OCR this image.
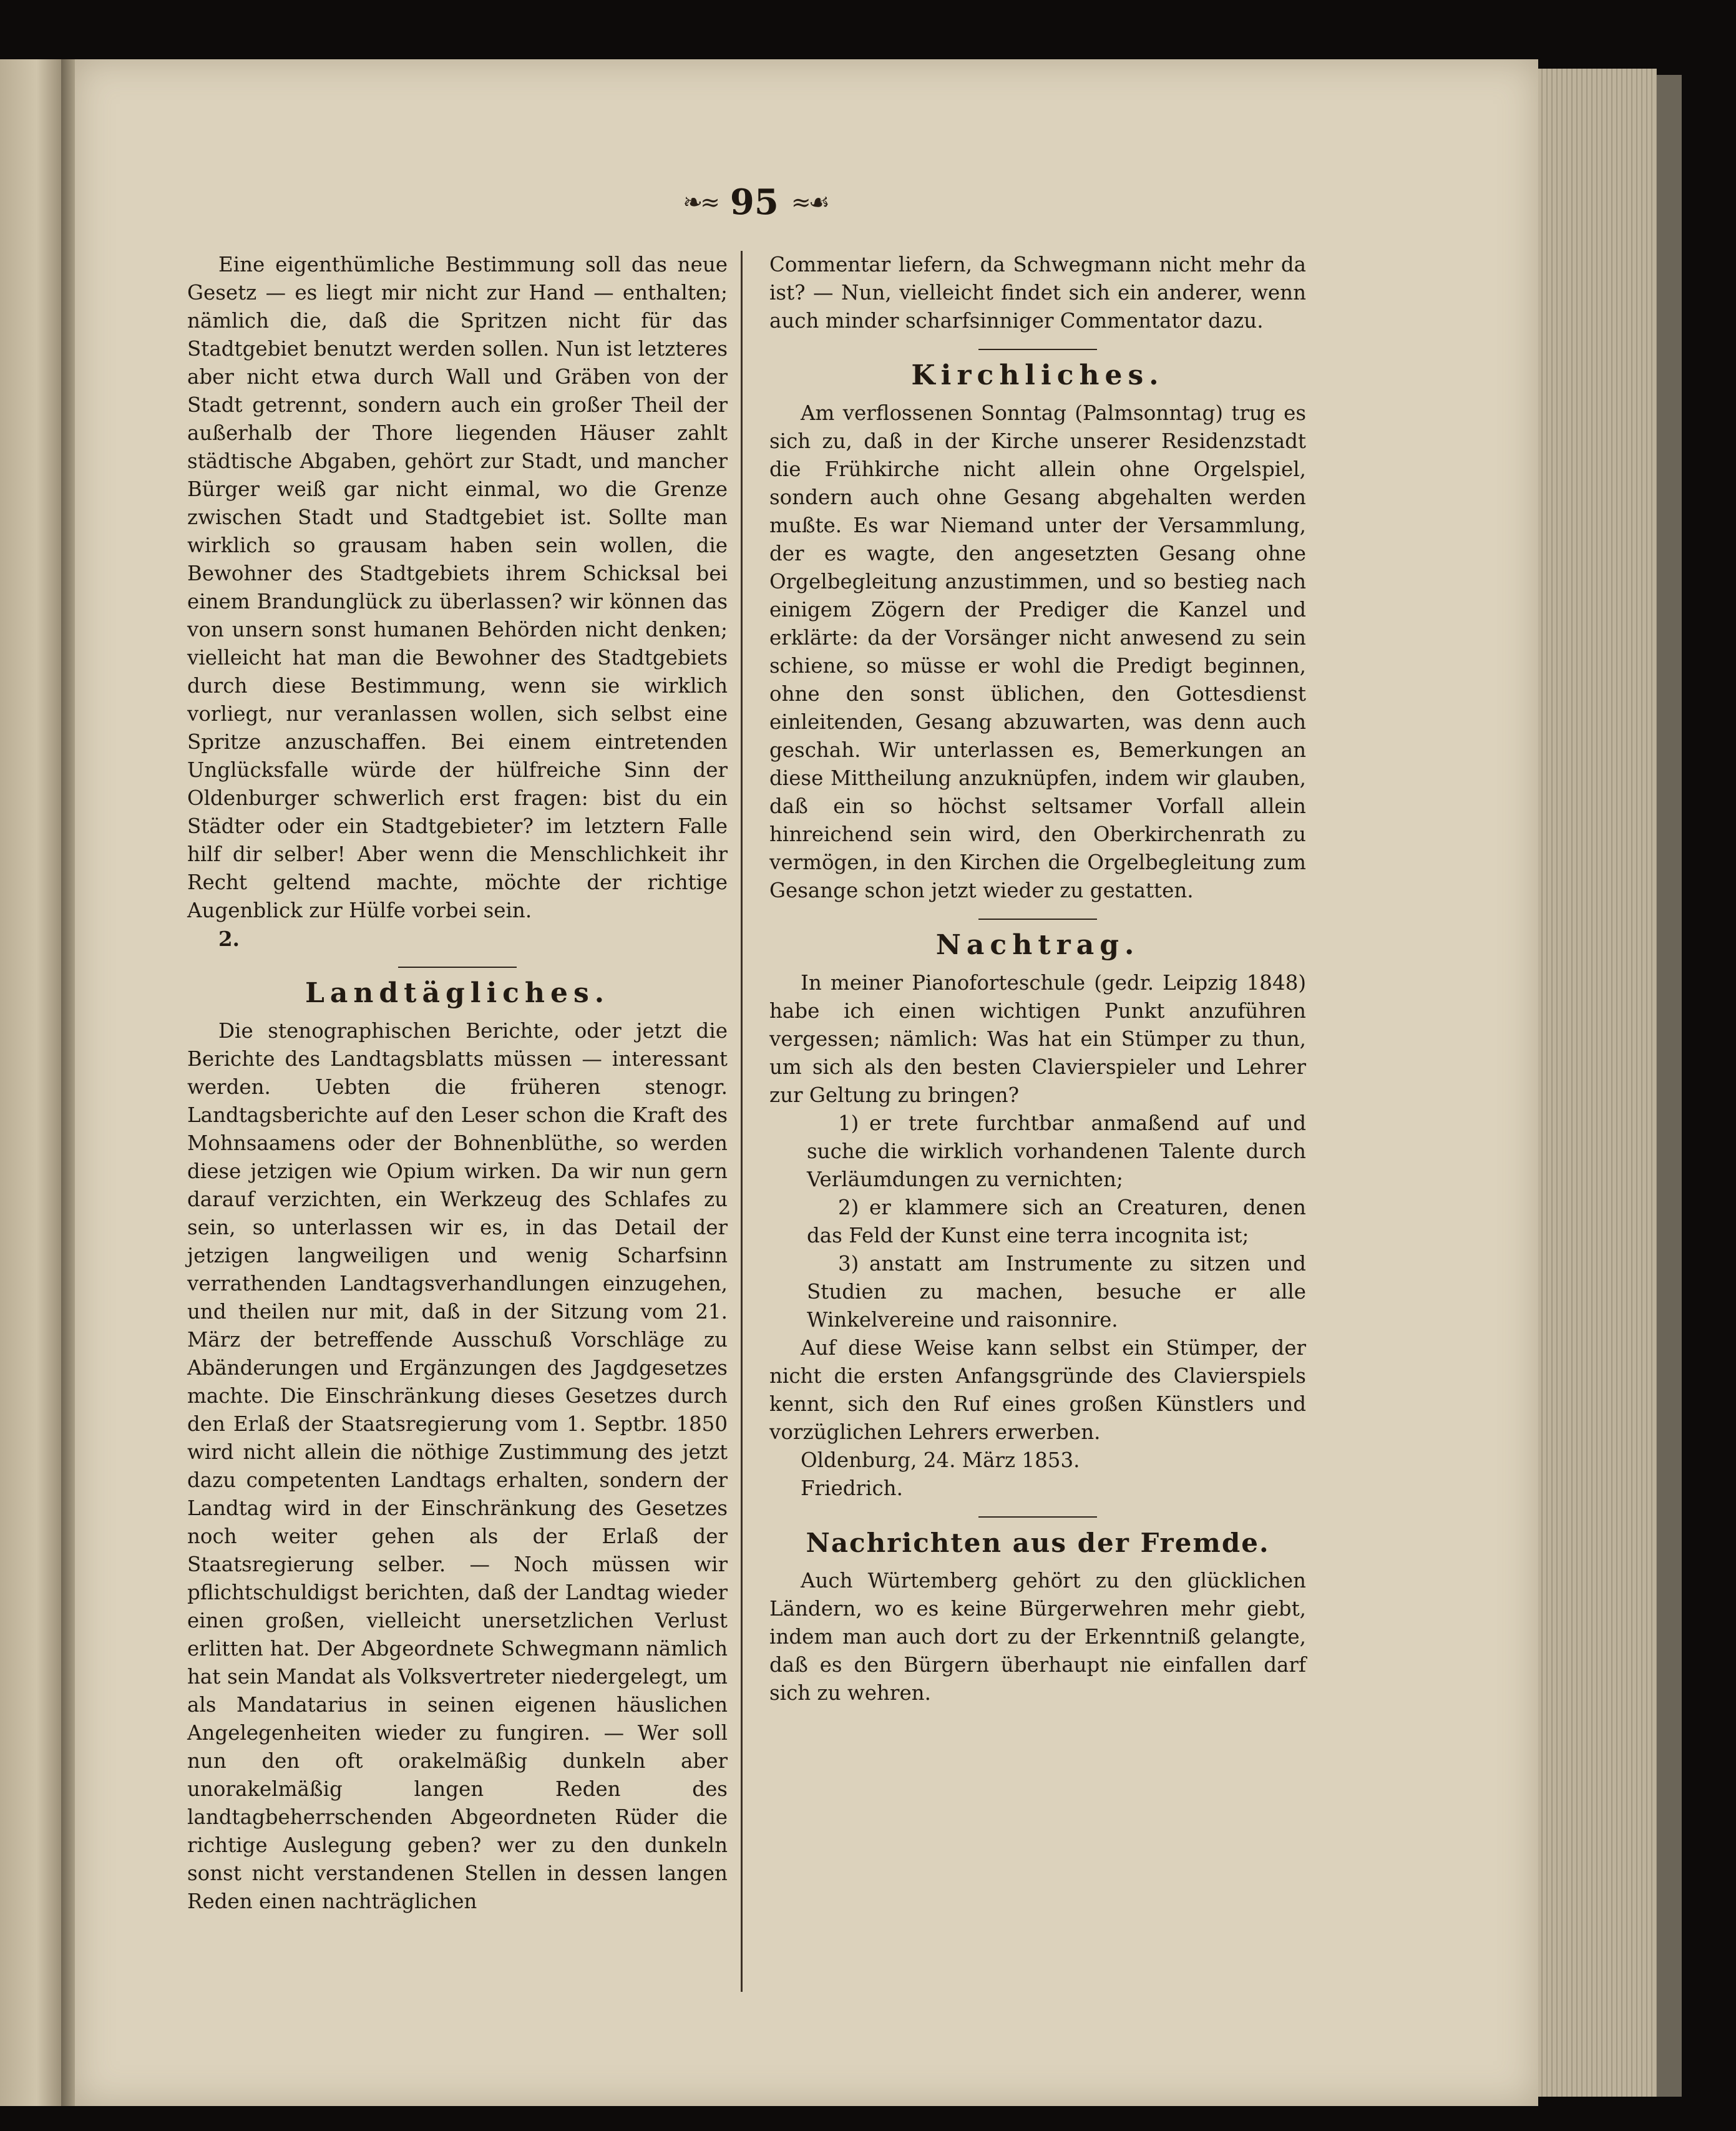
❧≈ 95 ≈☙

Eine eigenthümliche Bestimmung soll das neue Gesetz — es liegt mir nicht zur Hand — enthalten; nämlich die, daß die Spritzen nicht für das Stadtgebiet benutzt werden sollen. Nun ist letzteres aber nicht etwa durch Wall und Gräben von der Stadt getrennt, sondern auch ein großer Theil der außerhalb der Thore liegenden Häuser zahlt städtische Abgaben, gehört zur Stadt, und mancher Bürger weiß gar nicht einmal, wo die Grenze zwischen Stadt und Stadtgebiet ist. Sollte man wirklich so grausam haben sein wollen, die Bewohner des Stadtgebiets ihrem Schicksal bei einem Brandunglück zu überlassen? wir können das von unsern sonst humanen Behörden nicht denken; vielleicht hat man die Bewohner des Stadtgebiets durch diese Bestimmung, wenn sie wirklich vorliegt, nur veranlassen wollen, sich selbst eine Spritze anzuschaffen. Bei einem eintretenden Unglücksfalle würde der hülfreiche Sinn der Oldenburger schwerlich erst fragen: bist du ein Städter oder ein Stadtgebieter? im letztern Falle hilf dir selber! Aber wenn die Menschlichkeit ihr Recht geltend machte, möchte der richtige Augenblick zur Hülfe vorbei sein.

2.

Landtägliches.

Die stenographischen Berichte, oder jetzt die Berichte des Landtagsblatts müssen — interessant werden. Uebten die früheren stenogr. Landtagsberichte auf den Leser schon die Kraft des Mohnsaamens oder der Bohnenblüthe, so werden diese jetzigen wie Opium wirken. Da wir nun gern darauf verzichten, ein Werkzeug des Schlafes zu sein, so unterlassen wir es, in das Detail der jetzigen langweiligen und wenig Scharfsinn verrathenden Landtagsverhandlungen einzugehen, und theilen nur mit, daß in der Sitzung vom 21. März der betreffende Ausschuß Vorschläge zu Abänderungen und Ergänzungen des Jagdgesetzes machte. Die Einschränkung dieses Gesetzes durch den Erlaß der Staatsregierung vom 1. Septbr. 1850 wird nicht allein die nöthige Zustimmung des jetzt dazu competenten Landtags erhalten, sondern der Landtag wird in der Einschränkung des Gesetzes noch weiter gehen als der Erlaß der Staatsregierung selber. — Noch müssen wir pflichtschuldigst berichten, daß der Landtag wieder einen großen, vielleicht unersetzlichen Verlust erlitten hat. Der Abgeordnete Schwegmann nämlich hat sein Mandat als Volksvertreter niedergelegt, um als Mandatarius in seinen eigenen häuslichen Angelegenheiten wieder zu fungiren. — Wer soll nun den oft orakelmäßig dunkeln aber unorakelmäßig langen Reden des landtagbeherrschenden Abgeordneten Rüder die richtige Auslegung geben? wer zu den dunkeln sonst nicht verstandenen Stellen in dessen langen Reden einen nachträglichen

Commentar liefern, da Schwegmann nicht mehr da ist? — Nun, vielleicht findet sich ein anderer, wenn auch minder scharfsinniger Commentator dazu.

Kirchliches.

Am verflossenen Sonntag (Palmsonntag) trug es sich zu, daß in der Kirche unserer Residenzstadt die Frühkirche nicht allein ohne Orgelspiel, sondern auch ohne Gesang abgehalten werden mußte. Es war Niemand unter der Versammlung, der es wagte, den angesetzten Gesang ohne Orgelbegleitung anzustimmen, und so bestieg nach einigem Zögern der Prediger die Kanzel und erklärte: da der Vorsänger nicht anwesend zu sein schiene, so müsse er wohl die Predigt beginnen, ohne den sonst üblichen, den Gottesdienst einleitenden, Gesang abzuwarten, was denn auch geschah. Wir unterlassen es, Bemerkungen an diese Mittheilung anzuknüpfen, indem wir glauben, daß ein so höchst seltsamer Vorfall allein hinreichend sein wird, den Oberkirchenrath zu vermögen, in den Kirchen die Orgelbegleitung zum Gesange schon jetzt wieder zu gestatten.

Nachtrag.

In meiner Pianoforteschule (gedr. Leipzig 1848) habe ich einen wichtigen Punkt anzuführen vergessen; nämlich: Was hat ein Stümper zu thun, um sich als den besten Clavierspieler und Lehrer zur Geltung zu bringen?

1) er trete furchtbar anmaßend auf und suche die wirklich vorhandenen Talente durch Verläumdungen zu vernichten;

2) er klammere sich an Creaturen, denen das Feld der Kunst eine terra incognita ist;

3) anstatt am Instrumente zu sitzen und Studien zu machen, besuche er alle Winkelvereine und raisonnire.

Auf diese Weise kann selbst ein Stümper, der nicht die ersten Anfangsgründe des Clavierspiels kennt, sich den Ruf eines großen Künstlers und vorzüglichen Lehrers erwerben.

Oldenburg, 24. März 1853.

Friedrich.

Nachrichten aus der Fremde.

Auch Würtemberg gehört zu den glücklichen Ländern, wo es keine Bürgerwehren mehr giebt, indem man auch dort zu der Erkenntniß gelangte, daß es den Bürgern überhaupt nie einfallen darf sich zu wehren.
